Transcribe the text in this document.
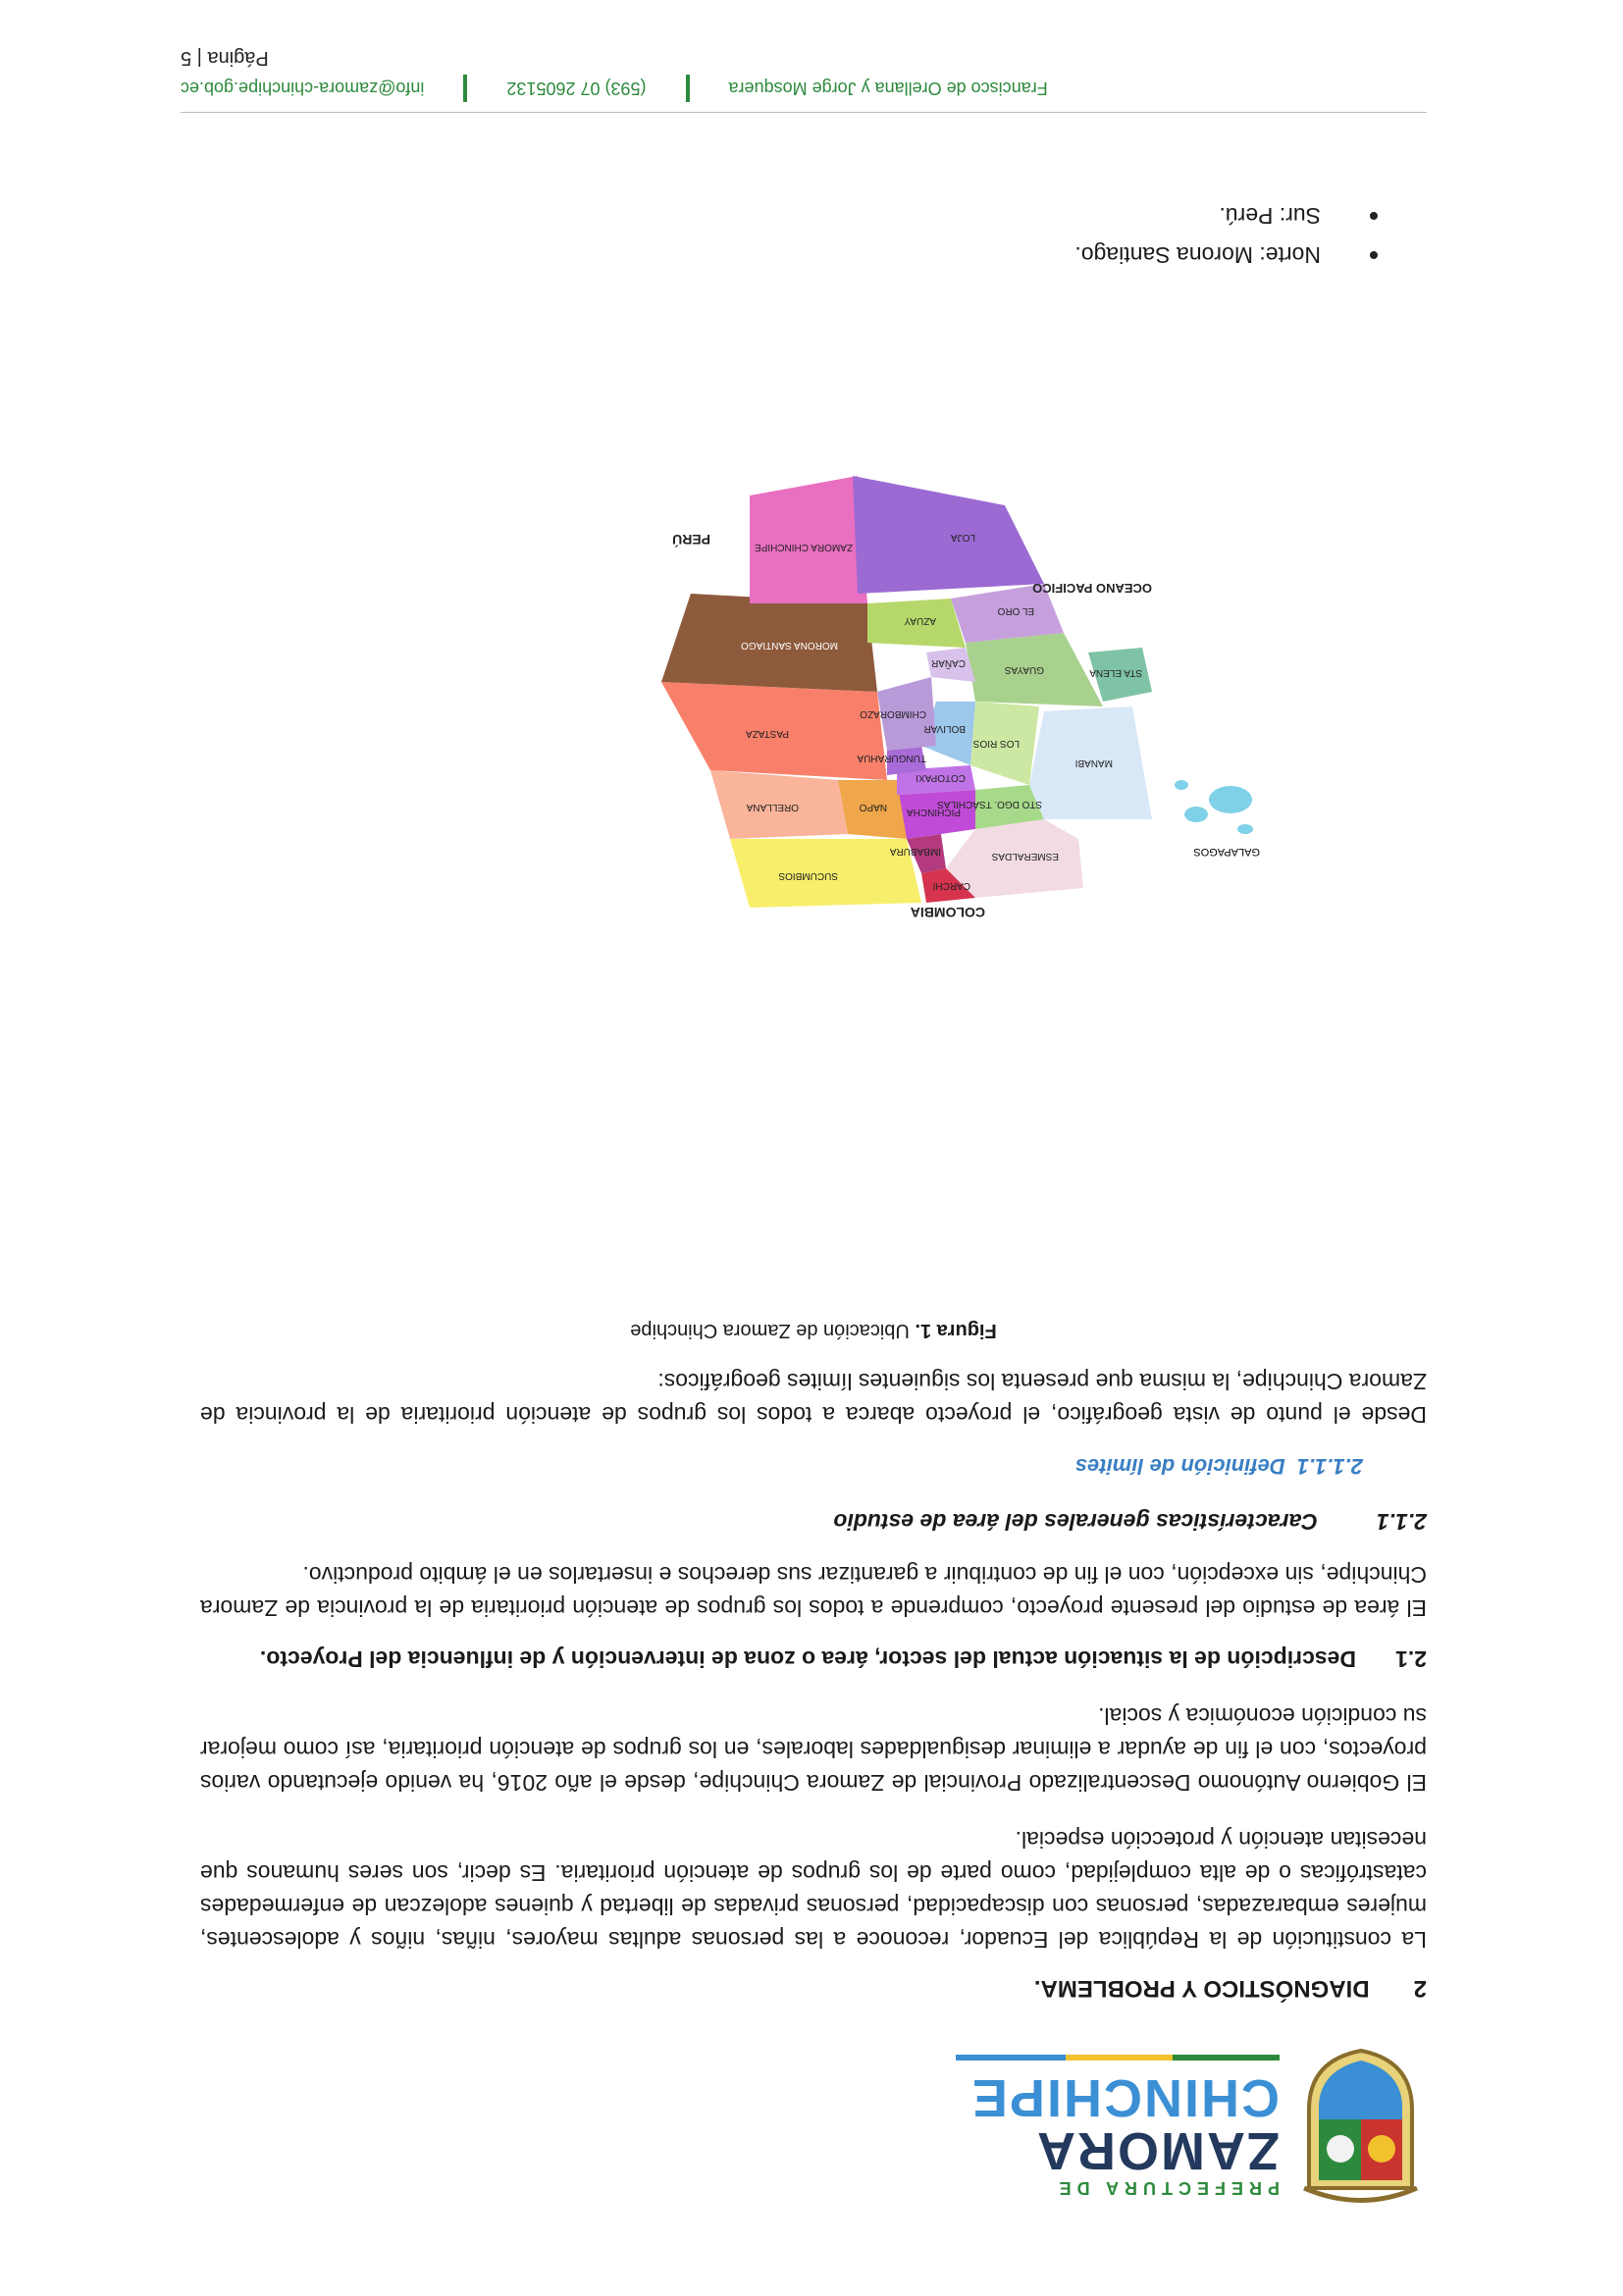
PREFECTURA DE
ZAMORA
CHINCHIPE
2
DIAGNÓSTICO Y PROBLEMA.

La constitución de la República del Ecuador, reconoce a las personas adultas mayores, niñas, niños y adolescentes, mujeres embarazadas, personas con discapacidad, personas privadas de libertad y quienes adolezcan de enfermedades catastróficas o de alta complejidad, como parte de los grupos de atención prioritaria. Es decir, son seres humanos que necesitan atención y protección especial.

El Gobierno Autónomo Descentralizado Provincial de Zamora Chinchipe, desde el año 2016, ha venido ejecutando varios proyectos, con el fin de ayudar a eliminar desigualdades laborales, en los grupos de atención prioritaria, así como mejorar su condición económica y social.

2.1
Descripción de la situación actual del sector, área o zona de intervención y de influencia del Proyecto.

El área de estudio del presente proyecto, comprende a todos los grupos de atención prioritaria de la provincia de Zamora Chinchipe, sin excepción, con el fin de contribuir a garantizar sus derechos e insertarlos en el ámbito productivo.

2.1.1
Características generales del área de estudio
2.1.1.1
Definición de límites

Desde el punto de vista geográfico, el proyecto abarca a todos los grupos de atención prioritaria de la provincia de Zamora Chinchipe, la misma que presenta los siguientes límites geográficos:

Figura 1. Ubicación de Zamora Chinchipe
GALAPAGOS
COLOMBIA
PERÚ
OCEANO PACIFICO
ESMERALDAS
CARCHI
IMBABURA
SUCUMBIOS
PICHINCHA
STO DGO. TSÁCHILAS
NAPO
ORELLANA
MANABI
COTOPAXI
TUNGURAHUA
PASTAZA
LOS RIOS
BOLIVAR
CHIMBORAZO
GUAYAS	STA ELENA
CAÑAR
MORONA SANTIAGO
AZUAY
EL ORO
LOJA
ZAMORA CHINCHIPE
Norte: Morona Santiago.
Sur: Perú.
Francisco de Orellana y Jorge Mosquera
(593) 07 2605132
info@zamora-chinchipe.gob.ec
Página | 5
